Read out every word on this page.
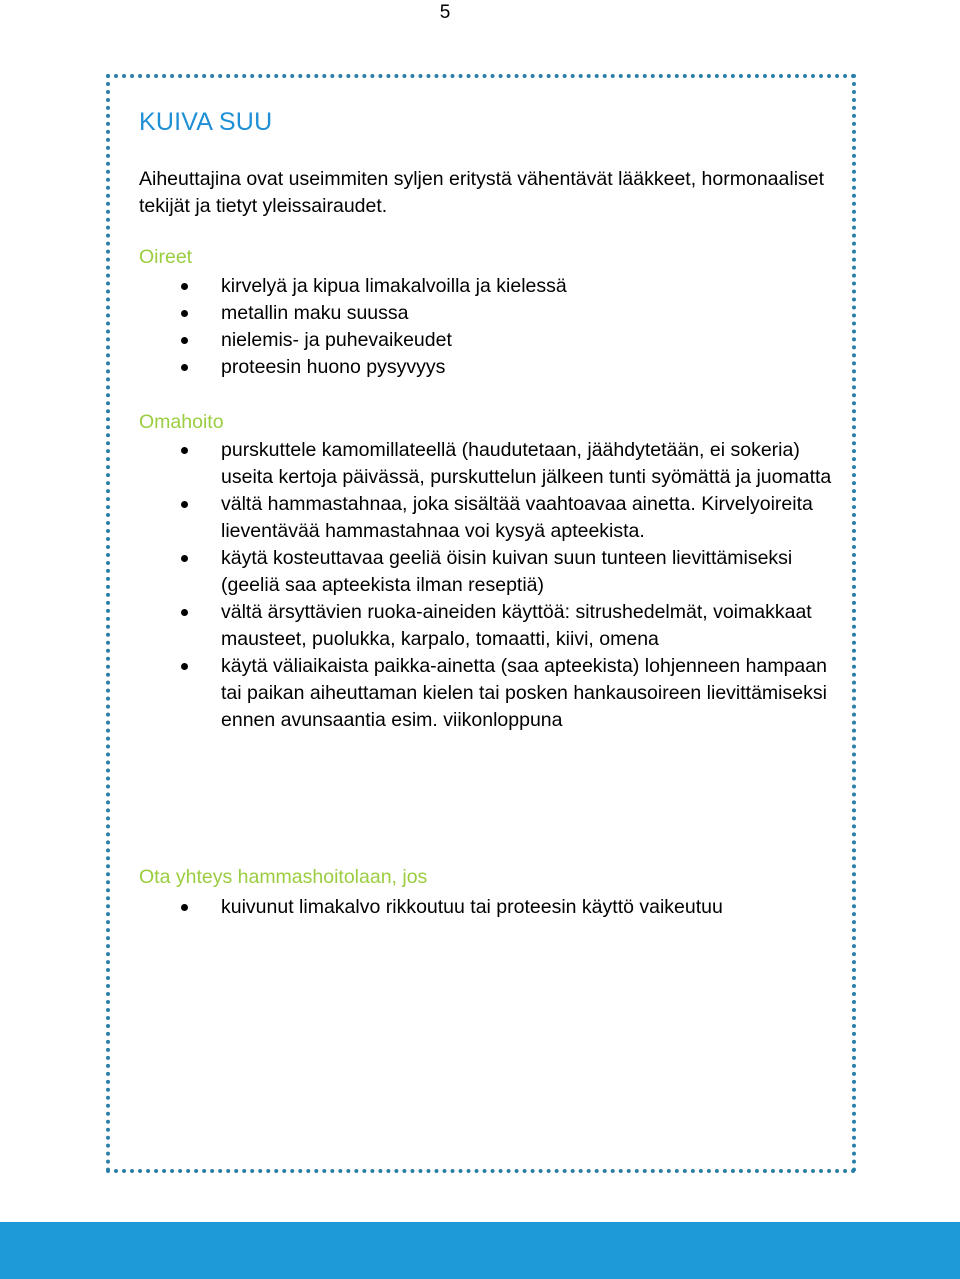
5
KUIVA SUU
Aiheuttajina ovat useimmiten syljen eritystä vähentävät lääkkeet, hormonaaliset tekijät ja tietyt yleissairaudet.
Oireet
kirvelyä ja kipua limakalvoilla ja kielessä
metallin maku suussa
nielemis- ja puhevaikeudet
proteesin huono pysyvyys
Omahoito
purskuttele kamomillateellä (haudutetaan, jäähdytetään, ei sokeria) useita kertoja päivässä, purskuttelun jälkeen tunti syömättä ja juomatta
vältä hammastahnaa, joka sisältää vaahtoavaa ainetta. Kirvelyoireita lieventävää hammastahnaa voi kysyä apteekista.
käytä kosteuttavaa geeliä öisin kuivan suun tunteen lievittämiseksi (geeliä saa apteekista ilman reseptiä)
vältä ärsyttävien ruoka-aineiden käyttöä: sitrushedelmät, voimakkaat mausteet, puolukka, karpalo, tomaatti, kiivi, omena
käytä väliaikaista paikka-ainetta (saa apteekista) lohjenneen hampaan tai paikan aiheuttaman kielen tai posken hankausoireen lievittämiseksi ennen avunsaantia esim. viikonloppuna
Ota yhteys hammashoitolaan, jos
kuivunut limakalvo rikkoutuu tai proteesin käyttö vaikeutuu
